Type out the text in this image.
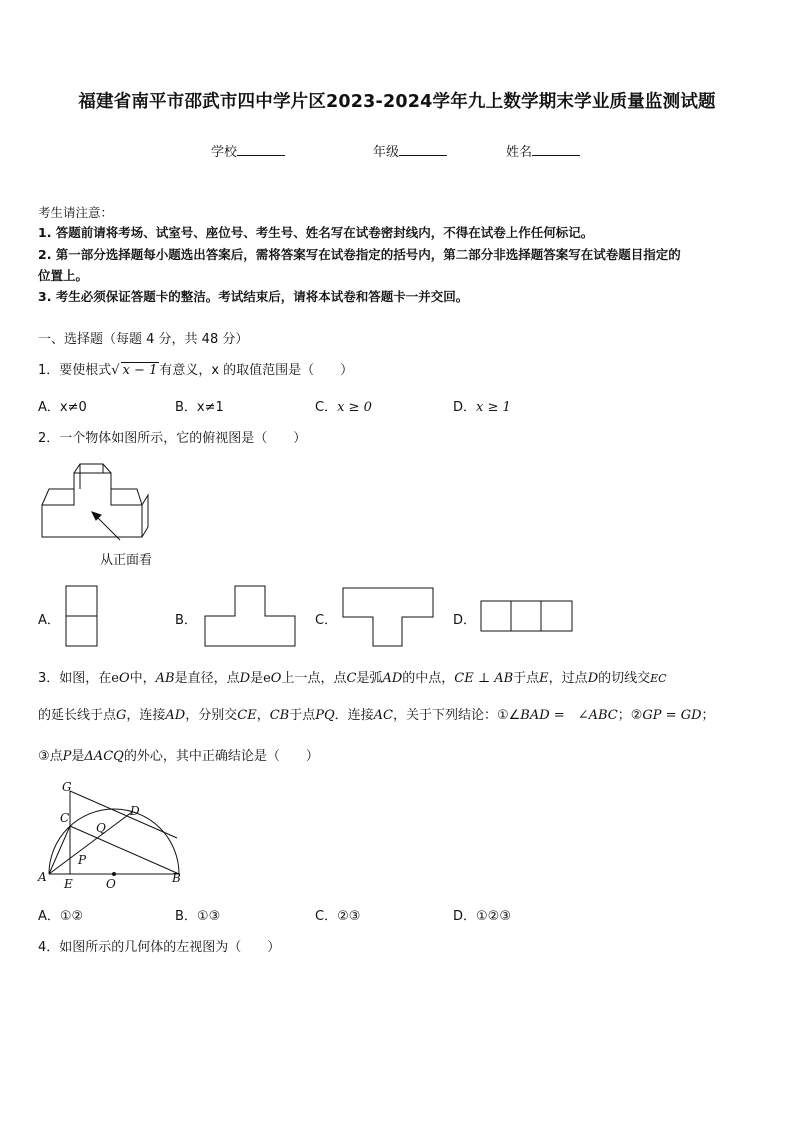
福建省南平市邵武市四中学片区2023-2024学年九上数学期末学业质量监测试题
学校	年级	姓名
考生请注意：
1. 答题前请将考场、试室号、座位号、考生号、姓名写在试卷密封线内，不得在试卷上作任何标记。
2. 第一部分选择题每小题选出答案后，需将答案写在试卷指定的括号内，第二部分非选择题答案写在试卷题目指定的
位置上。
3. 考生必须保证答题卡的整洁。考试结束后，请将本试卷和答题卡一并交回。
一、选择题（每题 4 分，共 48 分）
1．要使根式√ x − 1 有意义，x 的取值范围是（　　）
A．x≠0	B．x≠1	C．x ≥ 0	D．x ≥ 1
2．一个物体如图所示，它的俯视图是（　　）
从正面看
A．	B．	C．	D．
3．如图，在eO中，AB是直径，点D是eO上一点，点C是弧AD的中点，CE ⊥ AB于点E，过点D的切线交EC
的延长线于点G，连接AD，分别交CE，CB于点PQ．连接AC，关于下列结论：①∠BAD =　∠ABC；②GP = GD；
③点P是ΔACQ的外心，其中正确结论是（　　）
G
C	D
Q
P
A E	O	B
A．①②	B．①③	C．②③	D．①②③
4．如图所示的几何体的左视图为（　　）
